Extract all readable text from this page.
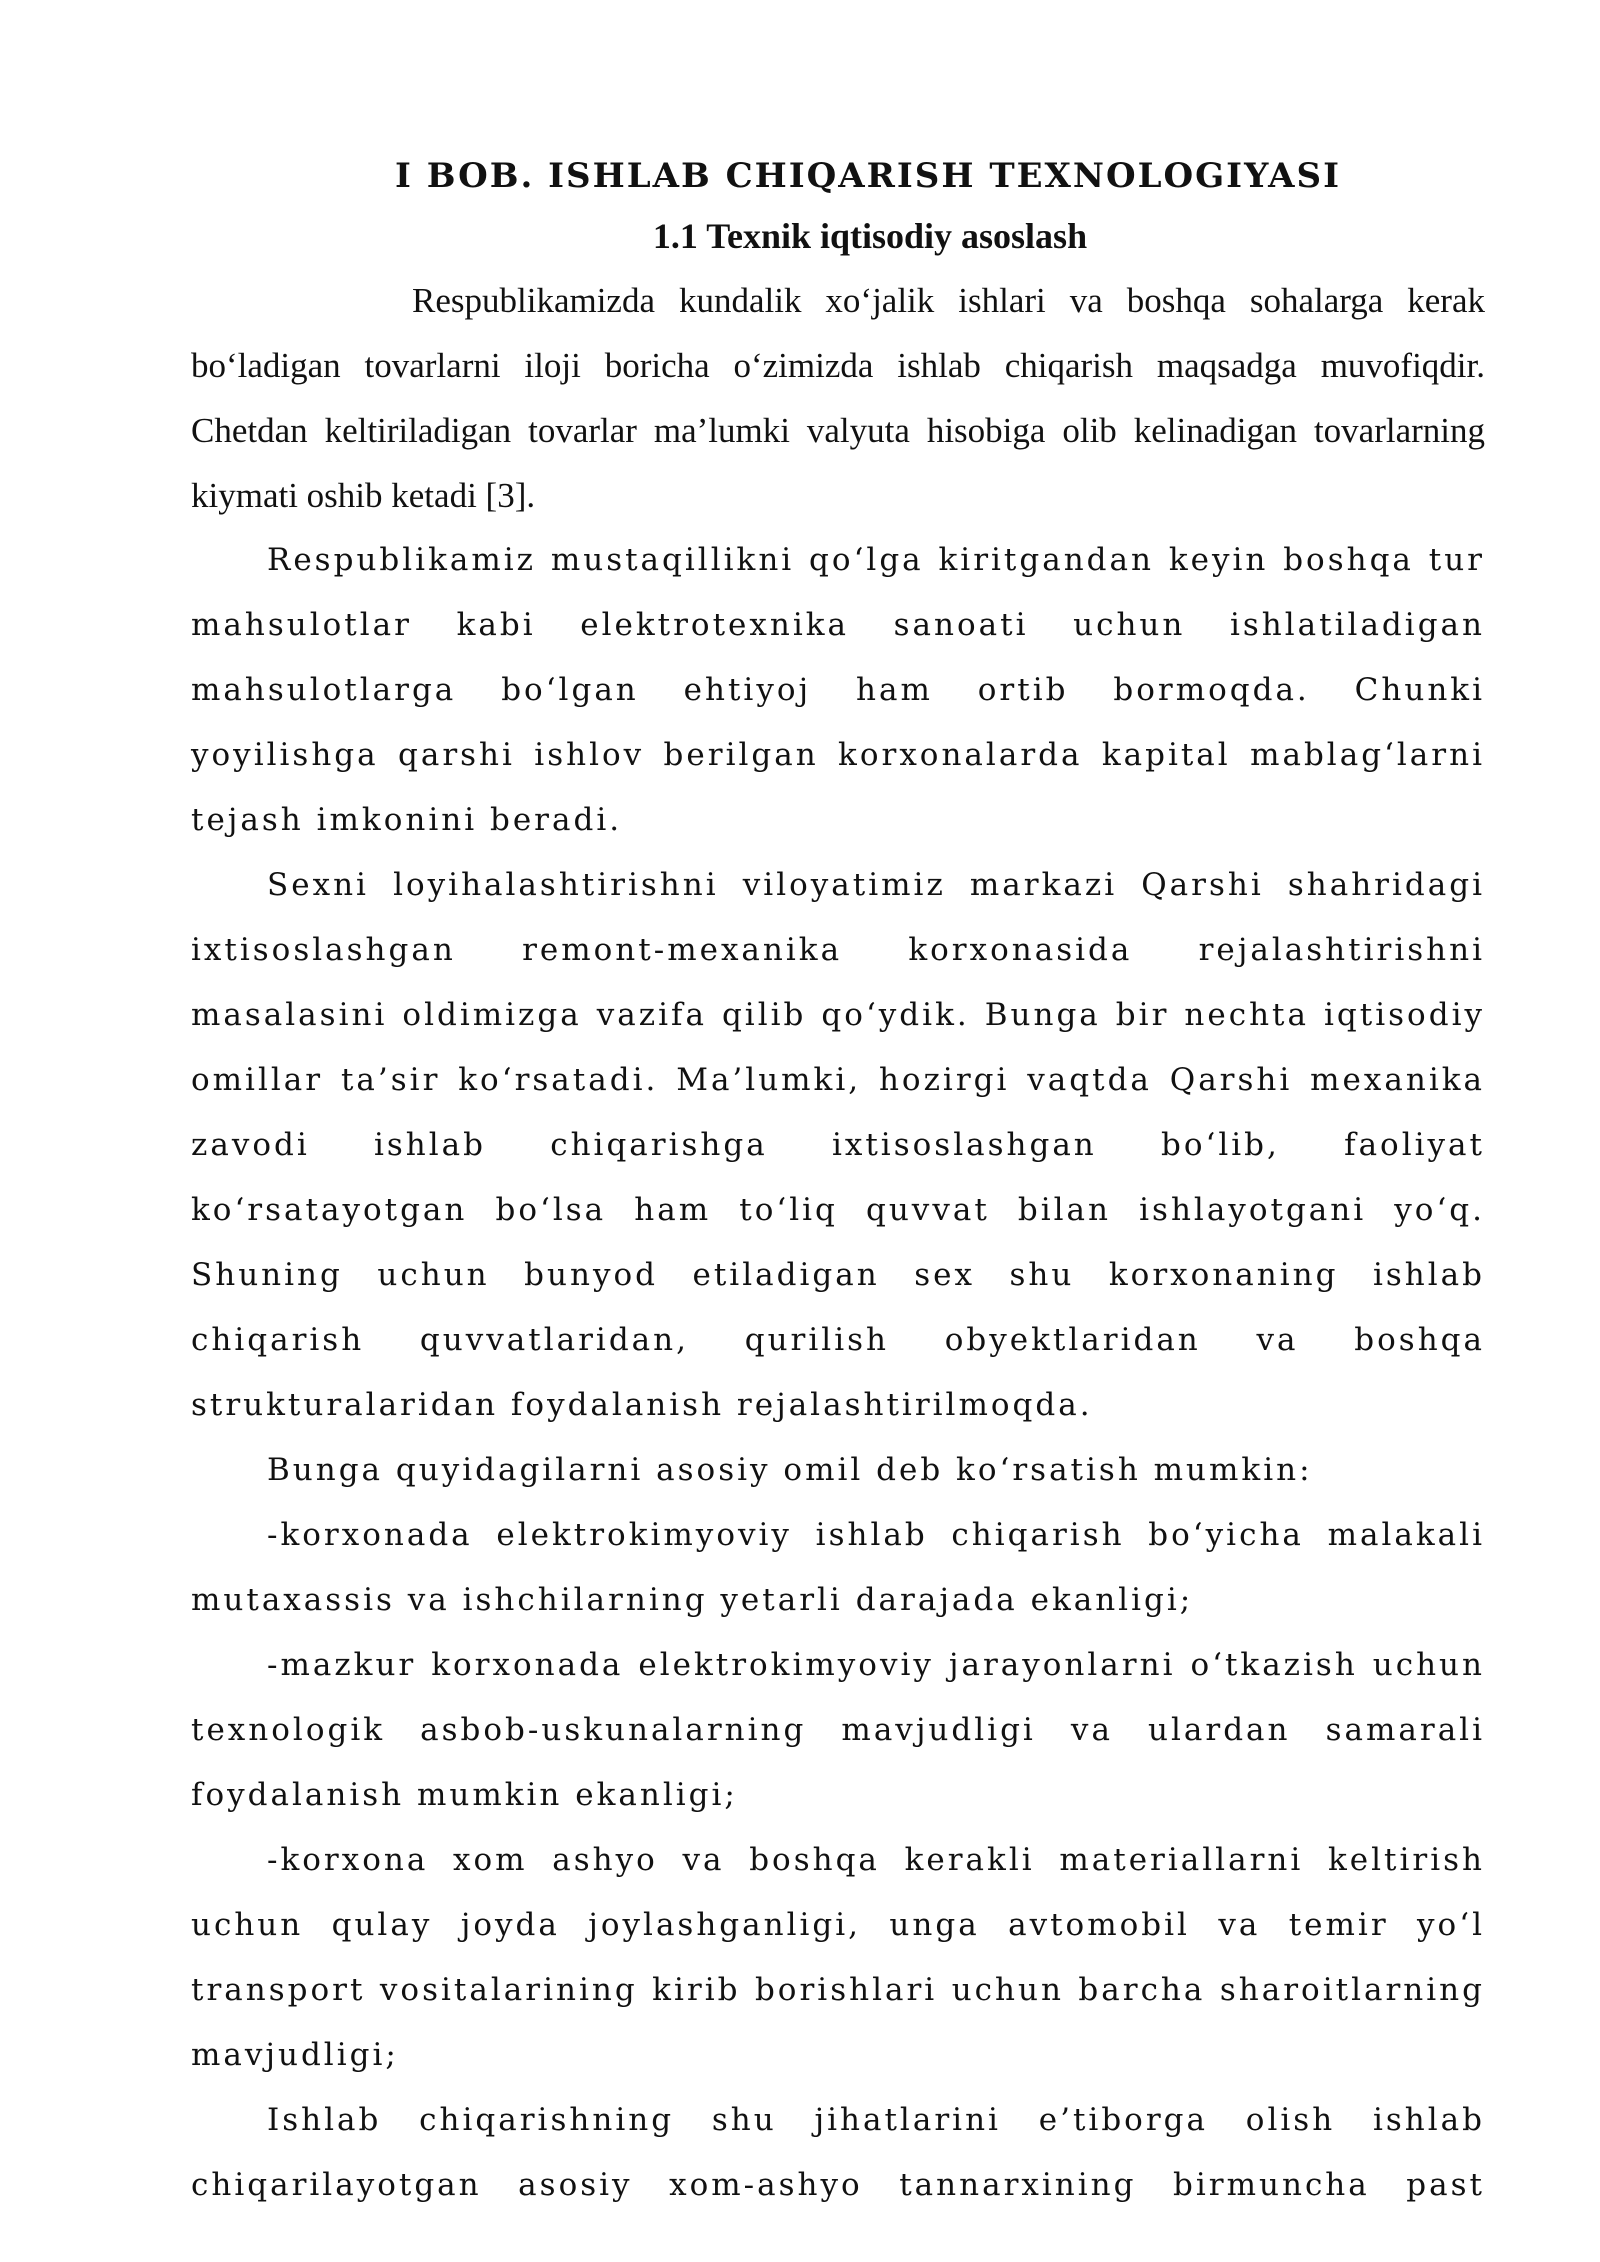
I BOB. ISHLAB CHIQARISH TEXNOLOGIYASI
1.1 Texnik iqtisodiy asoslash

Respublikamizda kundalik xo‘jalik ishlari va boshqa sohalarga kerak bo‘ladigan tovarlarni iloji boricha o‘zimizda ishlab chiqarish maqsadga muvofiqdir. Chetdan keltiriladigan tovarlar ma’lumki valyuta hisobiga olib kelinadigan tovarlarning kiymati oshib ketadi [3].

Respublikamiz mustaqillikni qo‘lga kiritgandan keyin boshqa tur mahsulotlar kabi elektrotexnika sanoati uchun ishlatiladigan mahsulotlarga bo‘lgan ehtiyoj ham ortib bormoqda. Chunki yoyilishga qarshi ishlov berilgan korxonalarda kapital mablag‘larni tejash imkonini beradi.

Sexni loyihalashtirishni viloyatimiz markazi Qarshi shahridagi ixtisoslashgan remont-mexanika korxonasida rejalashtirishni masalasini oldimizga vazifa qilib qo‘ydik. Bunga bir nechta iqtisodiy omillar ta’sir ko‘rsatadi. Ma’lumki, hozirgi vaqtda Qarshi mexanika zavodi ishlab chiqarishga ixtisoslashgan bo‘lib, faoliyat ko‘rsatayotgan bo‘lsa ham to‘liq quvvat bilan ishlayotgani yo‘q. Shuning uchun bunyod etiladigan sex shu korxonaning ishlab chiqarish quvvatlaridan, qurilish obyektlaridan va boshqa strukturalaridan foydalanish rejalashtirilmoqda.

Bunga quyidagilarni asosiy omil deb ko‘rsatish mumkin:

-korxonada elektrokimyoviy ishlab chiqarish bo‘yicha malakali mutaxassis va ishchilarning yetarli darajada ekanligi;

-mazkur korxonada elektrokimyoviy jarayonlarni o‘tkazish uchun texnologik asbob-uskunalarning mavjudligi va ulardan samarali foydalanish mumkin ekanligi;

-korxona xom ashyo va boshqa kerakli materiallarni keltirish uchun qulay joyda joylashganligi, unga avtomobil va temir yo‘l transport vositalarining kirib borishlari uchun barcha sharoitlarning mavjudligi;

Ishlab chiqarishning shu jihatlarini e’tiborga olish ishlab chiqarilayotgan asosiy xom-ashyo tannarxining birmuncha past
